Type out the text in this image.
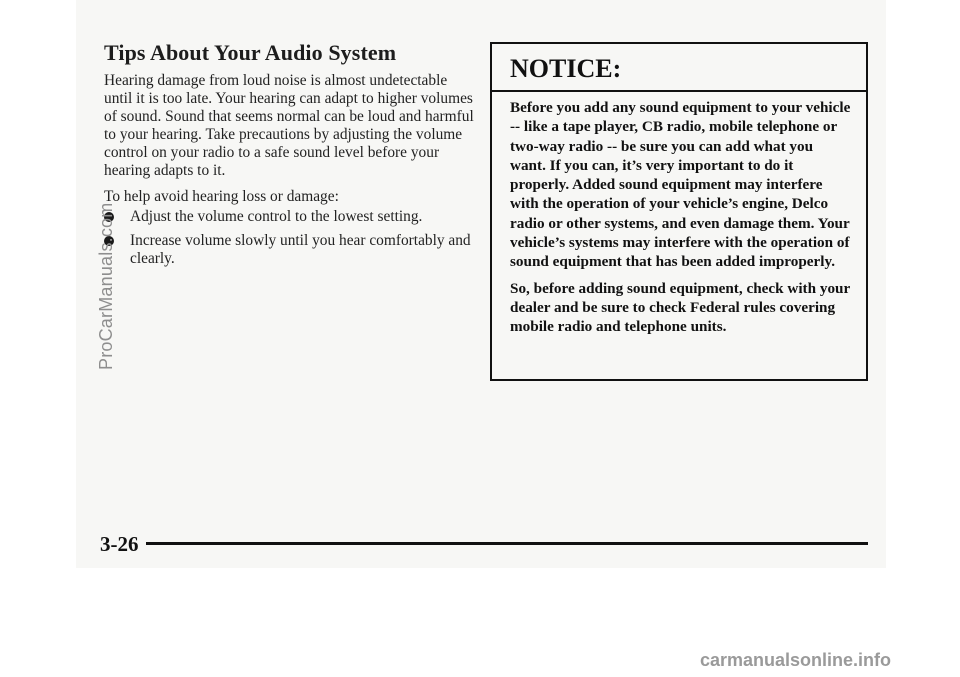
Tips About Your Audio System
Hearing damage from loud noise is almost undetectable until it is too late. Your hearing can adapt to higher volumes of sound. Sound that seems normal can be loud and harmful to your hearing. Take precautions by adjusting the volume control on your radio to a safe sound level before your hearing adapts to it.
To help avoid hearing loss or damage:
Adjust the volume control to the lowest setting.
Increase volume slowly until you hear comfortably and clearly.
NOTICE:

Before you add any sound equipment to your vehicle -- like a tape player, CB radio, mobile telephone or two-way radio -- be sure you can add what you want. If you can, it’s very important to do it properly. Added sound equipment may interfere with the operation of your vehicle’s engine, Delco radio or other systems, and even damage them. Your vehicle’s systems may interfere with the operation of sound equipment that has been added improperly.

So, before adding sound equipment, check with your dealer and be sure to check Federal rules covering mobile radio and telephone units.

3-26
ProCarManuals.com
carmanualsonline.info
